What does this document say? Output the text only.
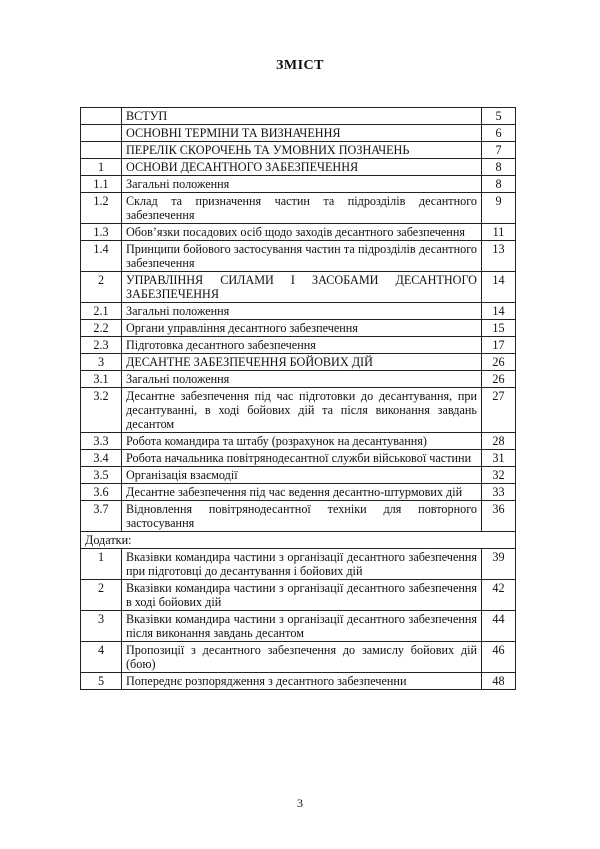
ЗМІСТ
	ВСТУП	5
	ОСНОВНІ ТЕРМІНИ ТА ВИЗНАЧЕННЯ	6
	ПЕРЕЛІК СКОРОЧЕНЬ ТА УМОВНИХ ПОЗНАЧЕНЬ	7
1	ОСНОВИ ДЕСАНТНОГО ЗАБЕЗПЕЧЕННЯ	8
1.1	Загальні положення	8
1.2	Склад та призначення частин та підрозділів десантного забезпечення	9
1.3	Обов’язки посадових осіб щодо заходів десантного забезпечення	11
1.4	Принципи бойового застосування частин та підрозділів десантного забезпечення	13
2	УПРАВЛІННЯ СИЛАМИ І ЗАСОБАМИ ДЕСАНТНОГО ЗАБЕЗПЕЧЕННЯ	14
2.1	Загальні положення	14
2.2	Органи управління десантного забезпечення	15
2.3	Підготовка десантного забезпечення	17
3	ДЕСАНТНЕ ЗАБЕЗПЕЧЕННЯ БОЙОВИХ ДІЙ	26
3.1	Загальні положення	26
3.2	Десантне забезпечення під час підготовки до десантування, при десантуванні, в ході бойових дій та після виконання завдань десантом	27
3.3	Робота командира та штабу (розрахунок на десантування)	28
3.4	Робота начальника повітрянодесантної служби військової частини	31
3.5	Організація взаємодії	32
3.6	Десантне забезпечення під час ведення десантно-штурмових дій	33
3.7	Відновлення повітрянодесантної техніки для повторного застосування	36
Додатки:		
1	Вказівки командира частини з організації десантного забезпечення при підготовці до десантування і бойових дій	39
2	Вказівки командира частини з організації десантного забезпечення в ході бойових дій	42
3	Вказівки командира частини з організації десантного забезпечення після виконання завдань десантом	44
4	Пропозиції з десантного забезпечення до замислу бойових дій (бою)	46
5	Попереднє розпорядження з десантного забезпеченни	48
3
